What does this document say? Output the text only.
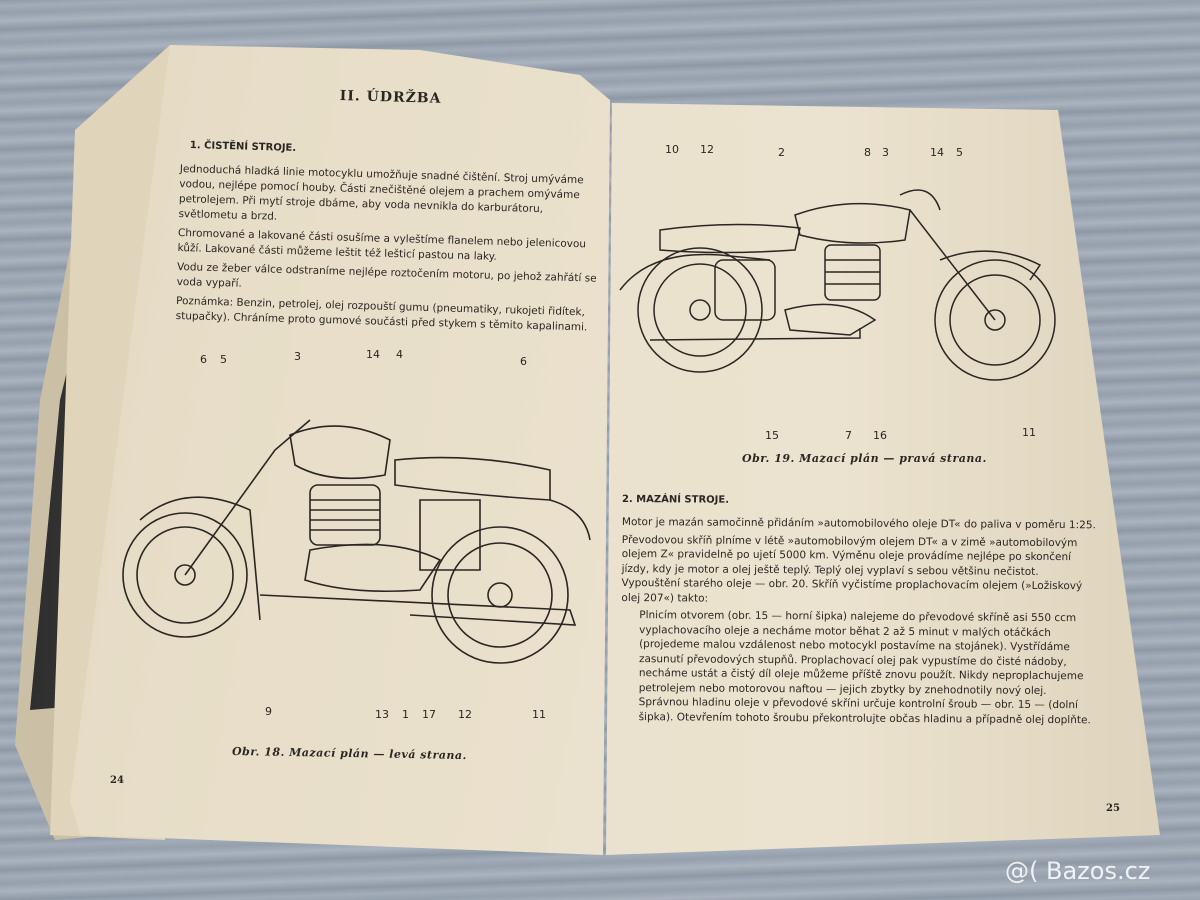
II. ÚDRŽBA
1. ČISTĚNÍ STROJE.

Jednoduchá hladká linie motocyklu umožňuje snadné čištění. Stroj umýváme vodou, nejlépe pomocí houby. Části znečištěné olejem a prachem omýváme petrolejem. Při mytí stroje dbáme, aby voda nevnikla do karburátoru, světlometu a brzd.

Chromované a lakované části osušíme a vyleštíme flanelem nebo jelenicovou kůží. Lakované části můžeme leštit též lešticí pastou na laky.

Vodu ze žeber válce odstraníme nejlépe roztočením motoru, po jehož zahřátí se voda vypaří.

Poznámka: Benzin, petrolej, olej rozpouští gumu (pneumatiky, rukojeti řidítek, stupačky). Chráníme proto gumové součásti před stykem s těmito kapalinami.

6 5	3	14 4
6
9	13 1 17 12	11
Obr. 18. Mazací plán — levá strana.
24
10 12	2	8 3	14 5
15	7 16	11
Obr. 19. Mazací plán — pravá strana.
2. MAZÁNÍ STROJE.

Motor je mazán samočinně přidáním »automobilového oleje DT« do paliva v poměru 1:25.

Převodovou skříň plníme v létě »automobilovým olejem DT« a v zimě »automobilovým olejem Z« pravidelně po ujetí 5000 km. Výměnu oleje provádíme nejlépe po skončení jízdy, kdy je motor a olej ještě teplý. Teplý olej vyplaví s sebou většinu nečistot. Vypouštění starého oleje — obr. 20. Skříň vyčistíme proplachovacím olejem (»Ložiskový olej 207«) takto:

Plnicím otvorem (obr. 15 — horní šipka) nalejeme do převodové skříně asi 550 ccm vyplachovacího oleje a necháme motor běhat 2 až 5 minut v malých otáčkách (projedeme malou vzdálenost nebo motocykl postavíme na stojánek). Vystřídáme zasunutí převodových stupňů. Proplachovací olej pak vypustíme do čisté nádoby, necháme ustát a čistý díl oleje můžeme příště znovu použít. Nikdy neproplachujeme petrolejem nebo motorovou naftou — jejich zbytky by znehodnotily nový olej. Správnou hladinu oleje v převodové skříni určuje kontrolní šroub — obr. 15 — (dolní šipka). Otevřením tohoto šroubu překontrolujte občas hladinu a případně olej doplňte.

25
@( Bazos.cz
